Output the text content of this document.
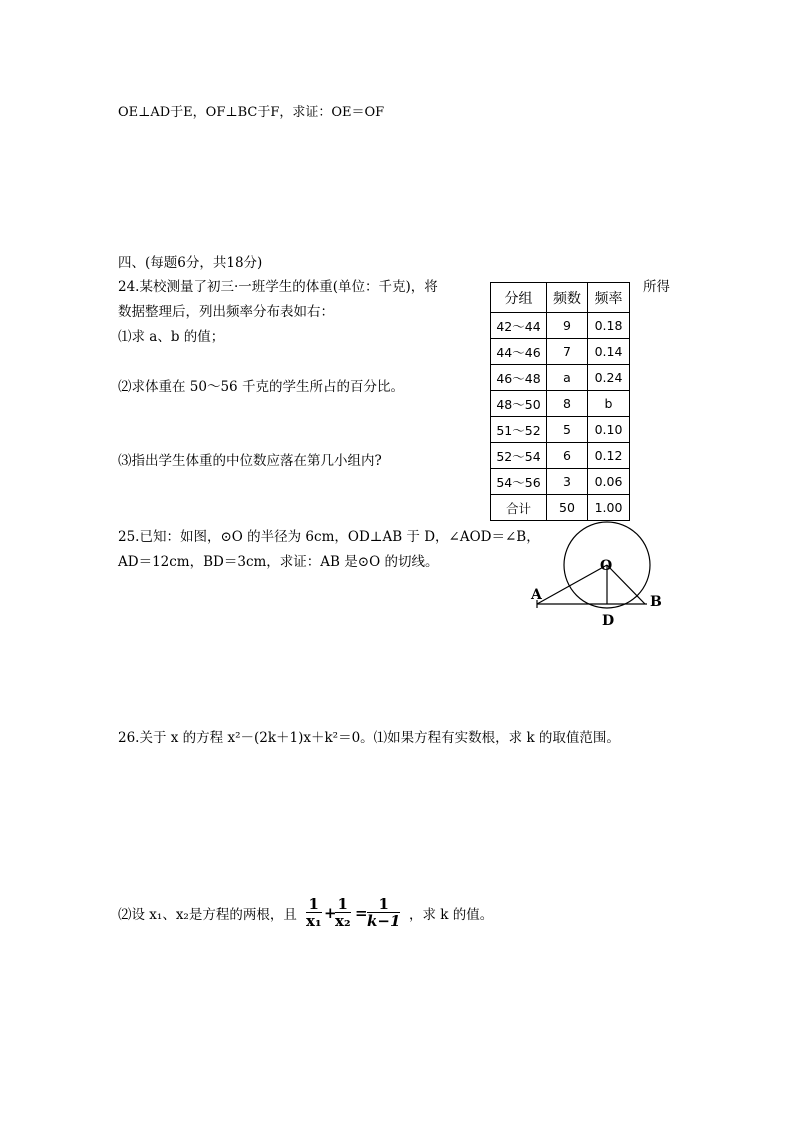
OE⊥AD于E，OF⊥BC于F，求证：OE＝OF
四、(每题6分，共18分)
24.某校测量了初三·一班学生的体重(单位：千克)，将	所得
数据整理后，列出频率分布表如右：
⑴求 a、b 的值；
⑵求体重在 50～56 千克的学生所占的百分比。
⑶指出学生体重的中位数应落在第几小组内?
分组	频数	频率
42～44	9	0.18
44～46	7	0.14
46～48	a	0.24
48～50	8	b
51～52	5	0.10
52～54	6	0.12
54～56	3	0.06
合计	50	1.00
25.已知：如图，⊙O 的半径为 6cm，OD⊥AB 于 D，∠AOD＝∠B，
AD＝12cm，BD＝3cm，求证：AB 是⊙O 的切线。	O
A	B
D
26.关于 x 的方程 x²－(2k＋1)x＋k²＝0。⑴如果方程有实数根，求 k 的取值范围。
⑵设 x₁、x₂是方程的两根，且
1
x₁ + 1
x₂ = 1
k−1 ，求 k 的值。
